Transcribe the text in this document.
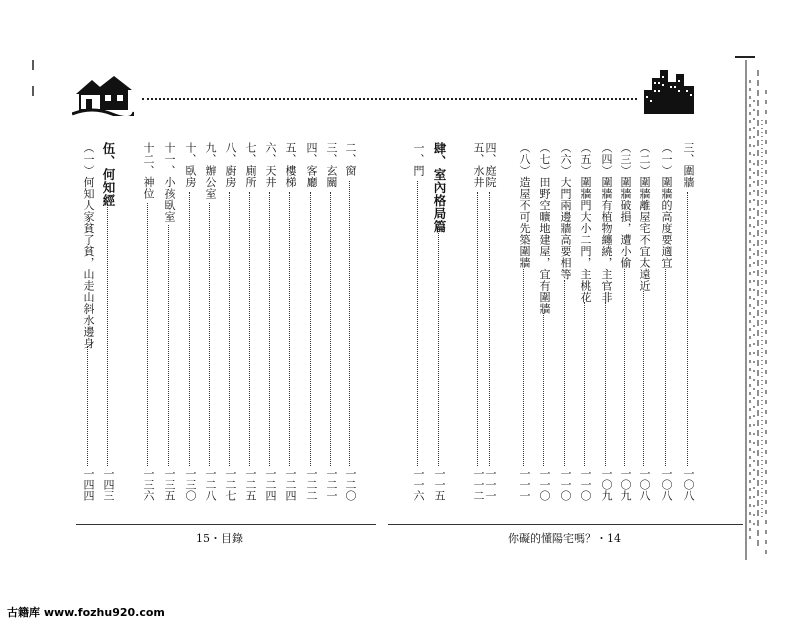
二、窗
一二〇
三、玄關
一二一
四、客廳
一二二
五、樓梯
一二四
六、天井
一二四
七、廁所
一二五
八、廚房
一二七
九、辦公室
一二八
十、臥房
一三〇
十一、小孩臥室
一三五
十二、神位
一三六
伍、何知經
一四三
（一）何知人家貧了貧，山走山斜水邊身
一四四
三、圍牆
一〇八
（一）圍牆的高度要適宜
一〇八
（二）圍牆離屋宅不宜太遠近
一〇八
（三）圍牆破損，遭小偷
一〇九
（四）圍牆有植物纏繞，主官非
一〇九
（五）圍牆門大小二門，主桃花
一一〇
（六）大門兩邊牆高要相等
一一〇
（七）田野空曠地建屋，宜有圍牆
一一〇
（八）造屋不可先築圍牆
一一一
四、庭院
一一一
五、水井
一一二
肆、室內格局篇
一一五
一、門
一一六
15・目錄	你礙的懂陽宅嗎？・14
古籍库 www.fozhu920.com
